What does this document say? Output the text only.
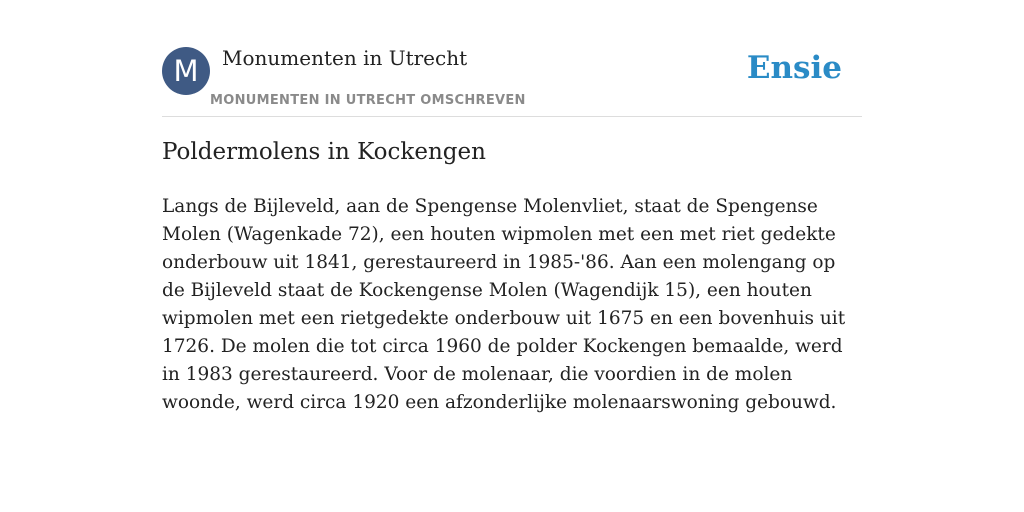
M	Monumenten in Utrecht
MONUMENTEN IN UTRECHT OMSCHREVEN
Ensie
Poldermolens in Kockengen

Langs de Bijleveld, aan de Spengense Molenvliet, staat de Spengense Molen (Wagenkade 72), een houten wipmolen met een met riet gedekte onderbouw uit 1841, gerestaureerd in 1985-'86. Aan een molengang op de Bijleveld staat de Kockengense Molen (Wagendijk 15), een houten wipmolen met een rietgedekte onderbouw uit 1675 en een bovenhuis uit 1726. De molen die tot circa 1960 de polder Kockengen bemaalde, werd in 1983 gerestaureerd. Voor de molenaar, die voordien in de molen woonde, werd circa 1920 een afzonderlijke molenaarswoning gebouwd.
